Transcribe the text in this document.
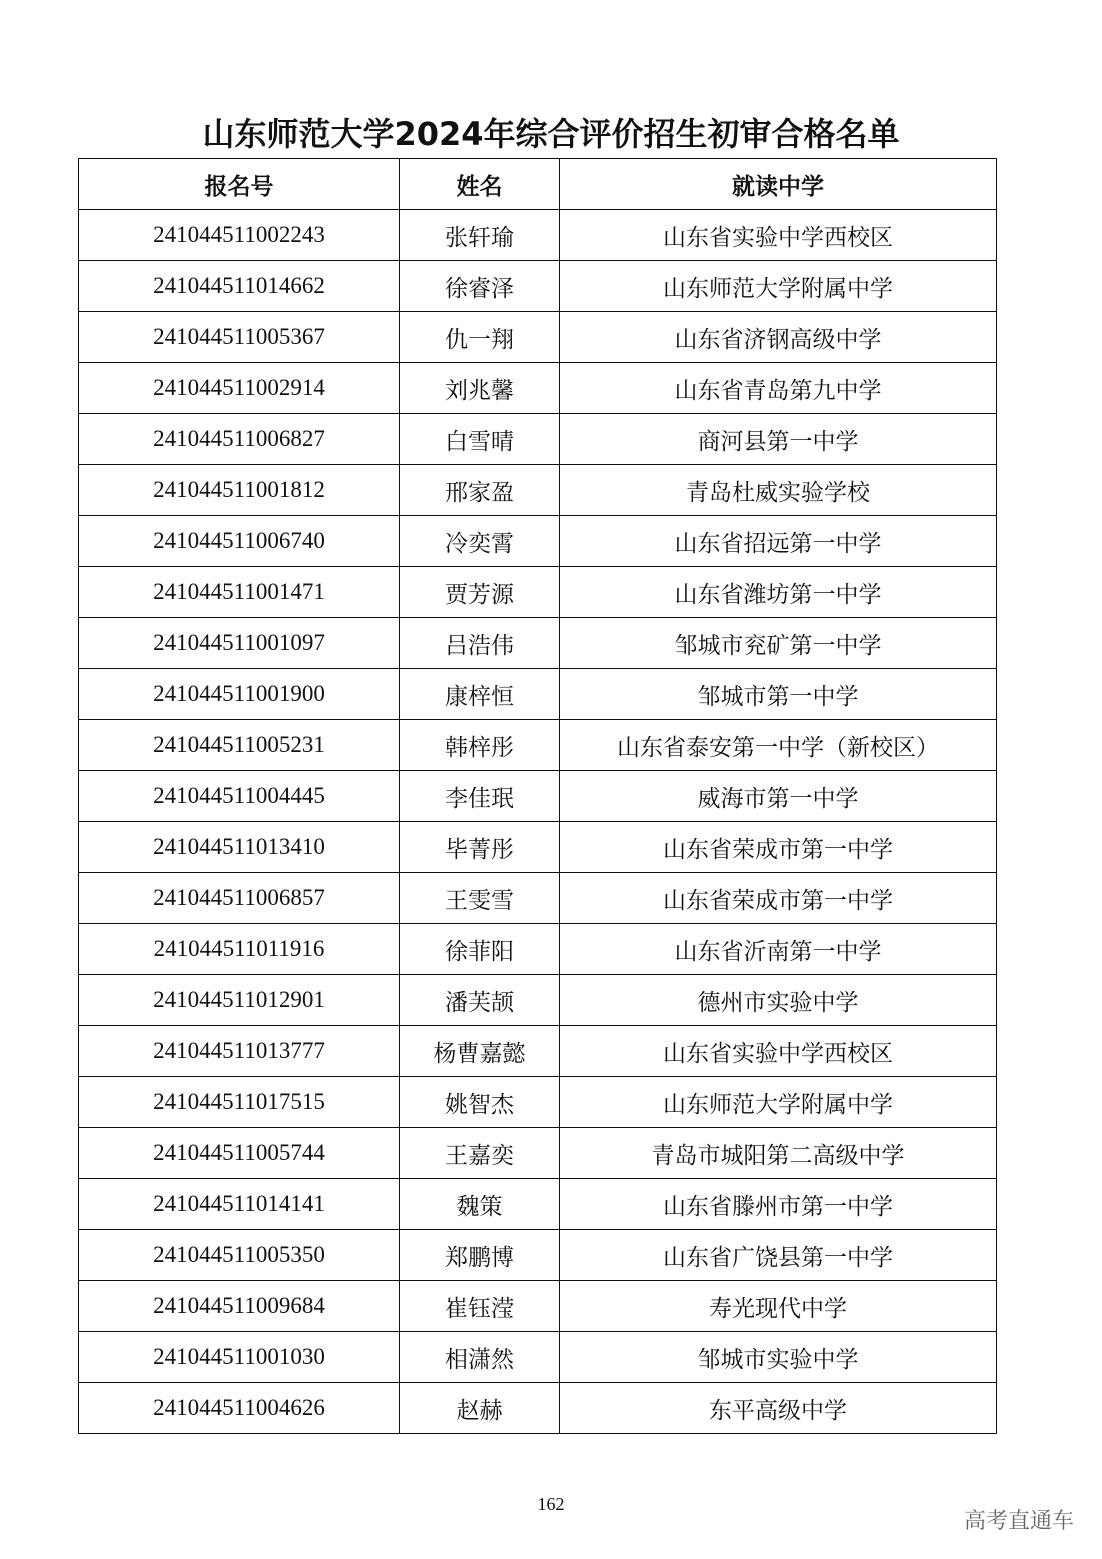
山东师范大学2024年综合评价招生初审合格名单
报名号	姓名	就读中学
241044511002243	张轩瑜	山东省实验中学西校区
241044511014662	徐睿泽	山东师范大学附属中学
241044511005367	仇一翔	山东省济钢高级中学
241044511002914	刘兆馨	山东省青岛第九中学
241044511006827	白雪晴	商河县第一中学
241044511001812	邢家盈	青岛杜威实验学校
241044511006740	冷奕霄	山东省招远第一中学
241044511001471	贾芳源	山东省潍坊第一中学
241044511001097	吕浩伟	邹城市兖矿第一中学
241044511001900	康梓恒	邹城市第一中学
241044511005231	韩梓彤	山东省泰安第一中学（新校区）
241044511004445	李佳珉	威海市第一中学
241044511013410	毕菁彤	山东省荣成市第一中学
241044511006857	王雯雪	山东省荣成市第一中学
241044511011916	徐菲阳	山东省沂南第一中学
241044511012901	潘芙颉	德州市实验中学
241044511013777	杨曹嘉懿	山东省实验中学西校区
241044511017515	姚智杰	山东师范大学附属中学
241044511005744	王嘉奕	青岛市城阳第二高级中学
241044511014141	魏策	山东省滕州市第一中学
241044511005350	郑鹏博	山东省广饶县第一中学
241044511009684	崔钰滢	寿光现代中学
241044511001030	相潇然	邹城市实验中学
241044511004626	赵赫	东平高级中学
162
高考直通车
